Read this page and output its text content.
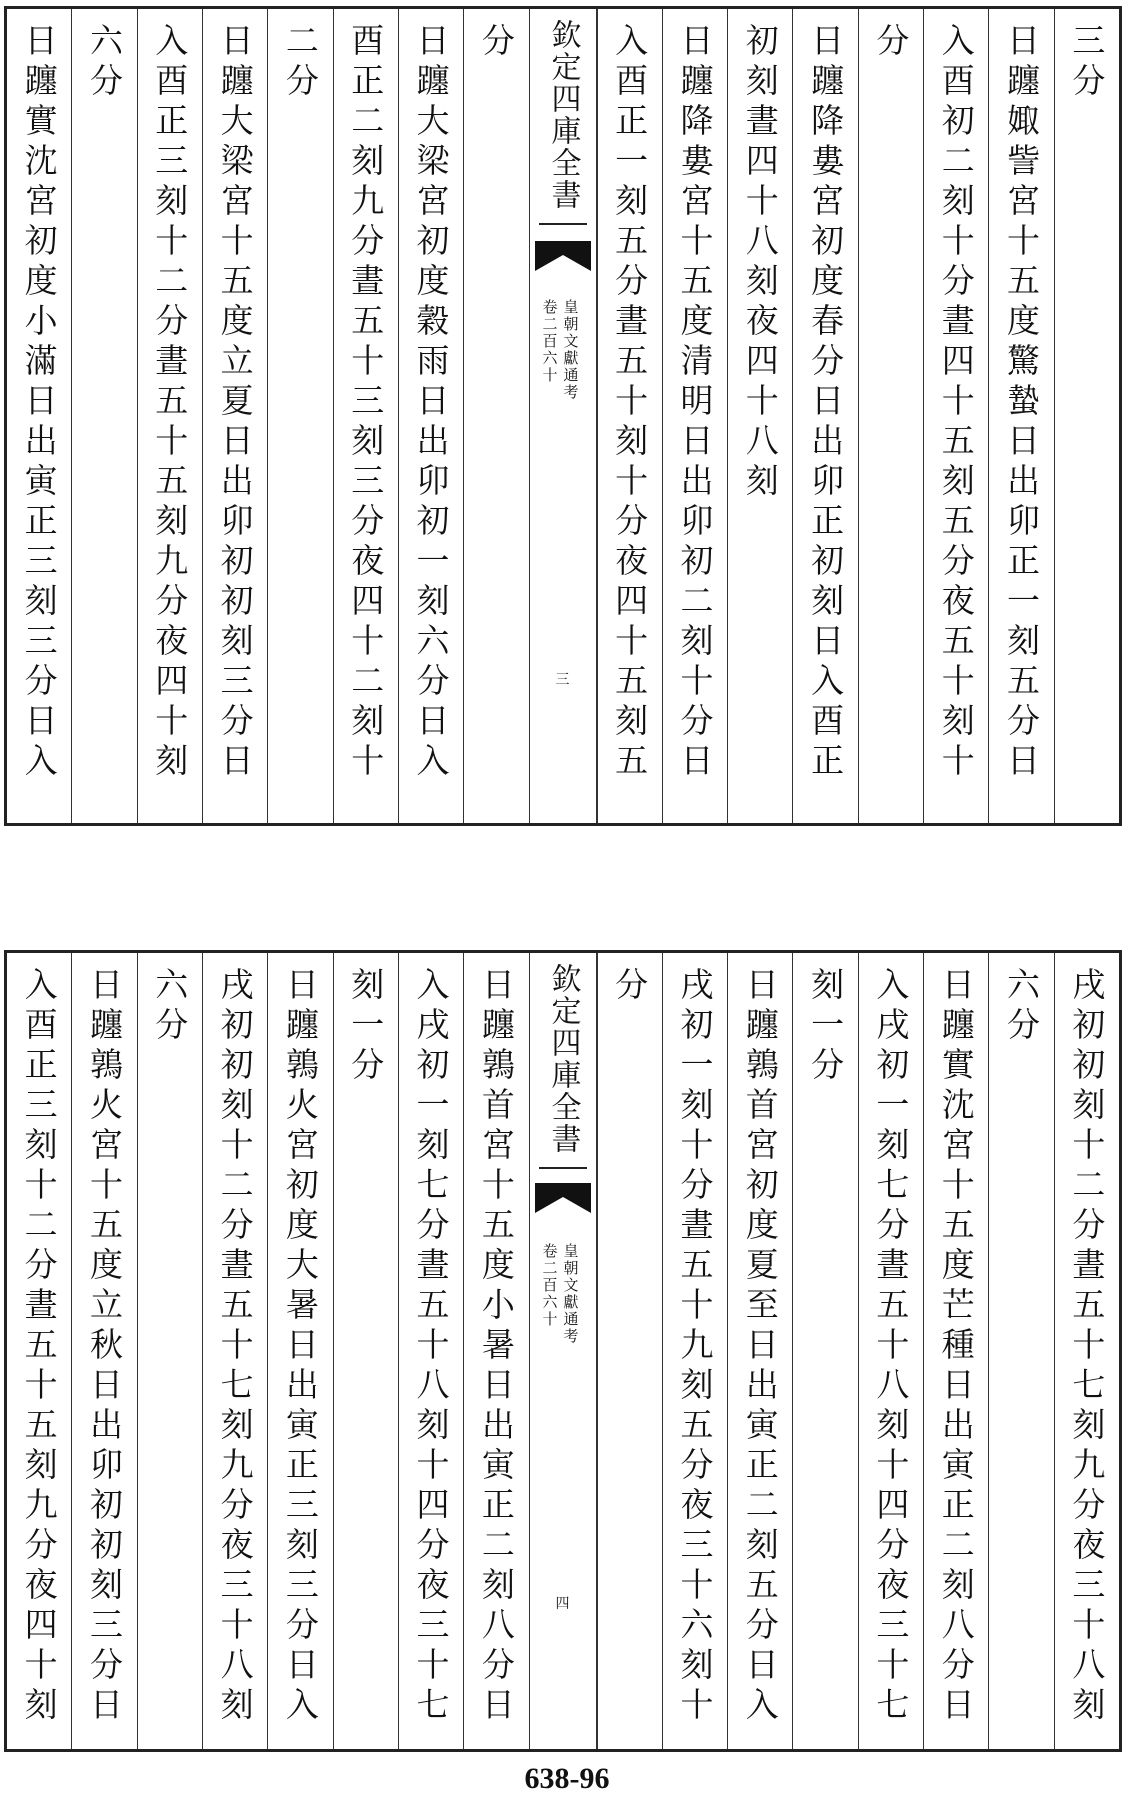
三分
日躔娵訾宮十五度驚蟄日出卯正一刻五分日
入酉初二刻十分晝四十五刻五分夜五十刻十
分
日躔降婁宮初度春分日出卯正初刻日入酉正
初刻晝四十八刻夜四十八刻
日躔降婁宮十五度清明日出卯初二刻十分日
入酉正一刻五分晝五十刻十分夜四十五刻五
欽定四庫全書
皇朝文獻通考
卷二百六十
三
分
日躔大梁宮初度穀雨日出卯初一刻六分日入
酉正二刻九分晝五十三刻三分夜四十二刻十
二分
日躔大梁宮十五度立夏日出卯初初刻三分日
入酉正三刻十二分晝五十五刻九分夜四十刻
六分
日躔實沈宮初度小滿日出寅正三刻三分日入
戌初初刻十二分晝五十七刻九分夜三十八刻
六分
日躔實沈宮十五度芒種日出寅正二刻八分日
入戌初一刻七分晝五十八刻十四分夜三十七
刻一分
日躔鶉首宮初度夏至日出寅正二刻五分日入
戌初一刻十分晝五十九刻五分夜三十六刻十
分
欽定四庫全書
皇朝文獻通考
卷二百六十
四
日躔鶉首宮十五度小暑日出寅正二刻八分日
入戌初一刻七分晝五十八刻十四分夜三十七
刻一分
日躔鶉火宮初度大暑日出寅正三刻三分日入
戌初初刻十二分晝五十七刻九分夜三十八刻
六分
日躔鶉火宮十五度立秋日出卯初初刻三分日
入酉正三刻十二分晝五十五刻九分夜四十刻
638-96
